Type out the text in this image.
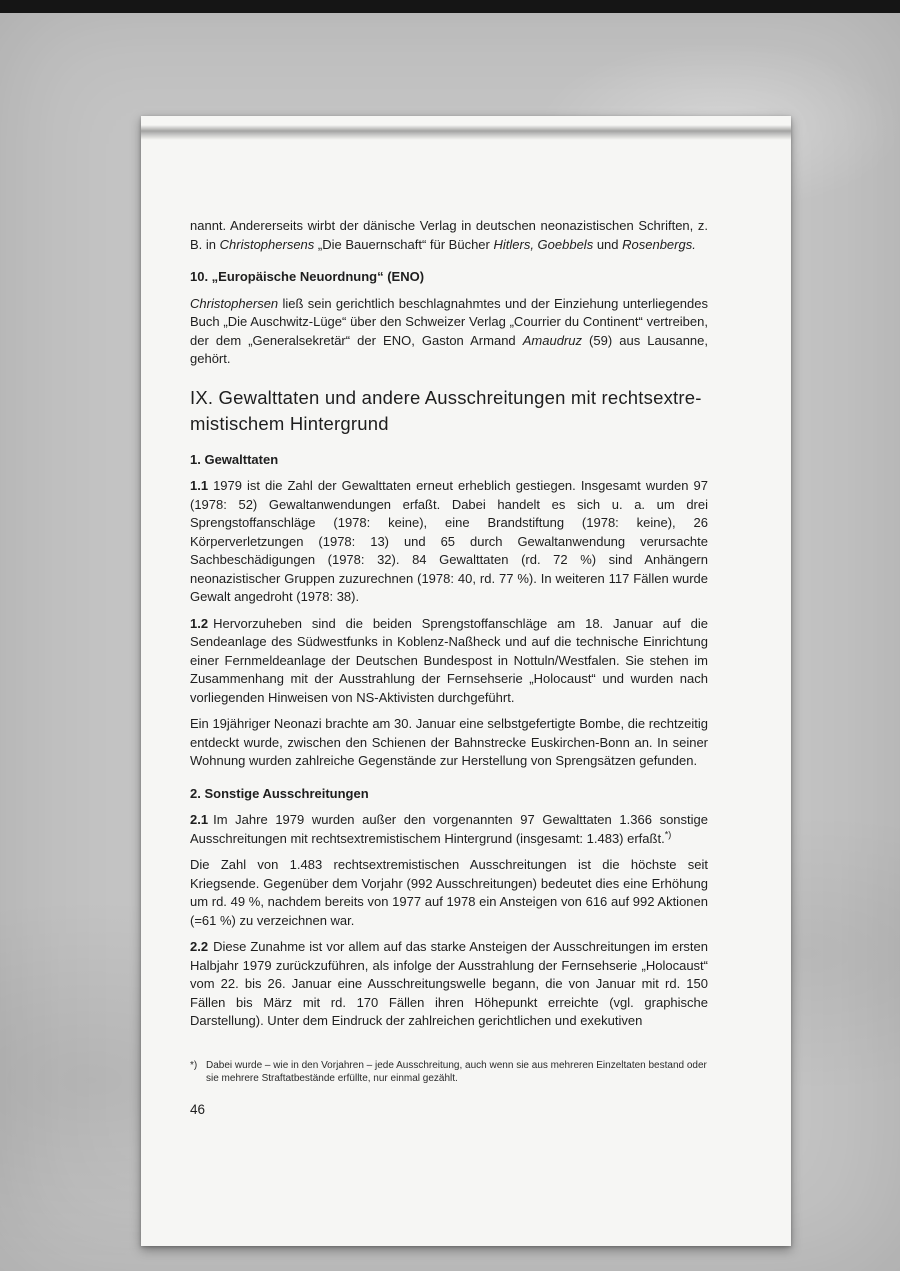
nannt. Andererseits wirbt der dänische Verlag in deutschen neonazistischen Schriften, z. B. in Christophersens „Die Bauernschaft“ für Bücher Hitlers, Goebbels und Rosenbergs.

10. „Europäische Neuordnung“ (ENO)

Christophersen ließ sein gerichtlich beschlagnahmtes und der Einziehung unterliegendes Buch „Die Auschwitz-Lüge“ über den Schweizer Verlag „Courrier du Continent“ vertreiben, der dem „Generalsekretär“ der ENO, Gaston Armand Amaudruz (59) aus Lausanne, gehört.

IX. Gewalttaten und andere Ausschreitungen mit rechtsextre-
mistischem Hintergrund
1. Gewalttaten

1.1 1979 ist die Zahl der Gewalttaten erneut erheblich gestiegen. Insgesamt wurden 97 (1978: 52) Gewaltanwendungen erfaßt. Dabei handelt es sich u. a. um drei Sprengstoffanschläge (1978: keine), eine Brandstiftung (1978: keine), 26 Körperverletzungen (1978: 13) und 65 durch Gewaltanwendung verursachte Sachbeschädigungen (1978: 32). 84 Gewalttaten (rd. 72 %) sind Anhängern neonazistischer Gruppen zuzurechnen (1978: 40, rd. 77 %). In weiteren 117 Fällen wurde Gewalt angedroht (1978: 38).

1.2 Hervorzuheben sind die beiden Sprengstoffanschläge am 18. Januar auf die Sendeanlage des Südwestfunks in Koblenz-Naßheck und auf die technische Einrichtung einer Fernmeldeanlage der Deutschen Bundespost in Nottuln/Westfalen. Sie stehen im Zusammenhang mit der Ausstrahlung der Fernsehserie „Holocaust“ und wurden nach vorliegenden Hinweisen von NS-Aktivisten durchgeführt.

Ein 19jähriger Neonazi brachte am 30. Januar eine selbstgefertigte Bombe, die rechtzeitig entdeckt wurde, zwischen den Schienen der Bahnstrecke Euskirchen-Bonn an. In seiner Wohnung wurden zahlreiche Gegenstände zur Herstellung von Sprengsätzen gefunden.

2. Sonstige Ausschreitungen

2.1 Im Jahre 1979 wurden außer den vorgenannten 97 Gewalttaten 1.366 sonstige Ausschreitungen mit rechtsextremistischem Hintergrund (insgesamt: 1.483) erfaßt.*)

Die Zahl von 1.483 rechtsextremistischen Ausschreitungen ist die höchste seit Kriegsende. Gegenüber dem Vorjahr (992 Ausschreitungen) bedeutet dies eine Erhöhung um rd. 49 %, nachdem bereits von 1977 auf 1978 ein Ansteigen von 616 auf 992 Aktionen (=61 %) zu verzeichnen war.

2.2 Diese Zunahme ist vor allem auf das starke Ansteigen der Ausschreitungen im ersten Halbjahr 1979 zurückzuführen, als infolge der Ausstrahlung der Fernsehserie „Holocaust“ vom 22. bis 26. Januar eine Ausschreitungswelle begann, die von Januar mit rd. 150 Fällen bis März mit rd. 170 Fällen ihren Höhepunkt erreichte (vgl. graphische Darstellung). Unter dem Eindruck der zahlreichen gerichtlichen und exekutiven

*) Dabei wurde – wie in den Vorjahren – jede Ausschreitung, auch wenn sie aus mehreren Einzeltaten bestand oder sie mehrere Straftatbestände erfüllte, nur einmal gezählt.
46
